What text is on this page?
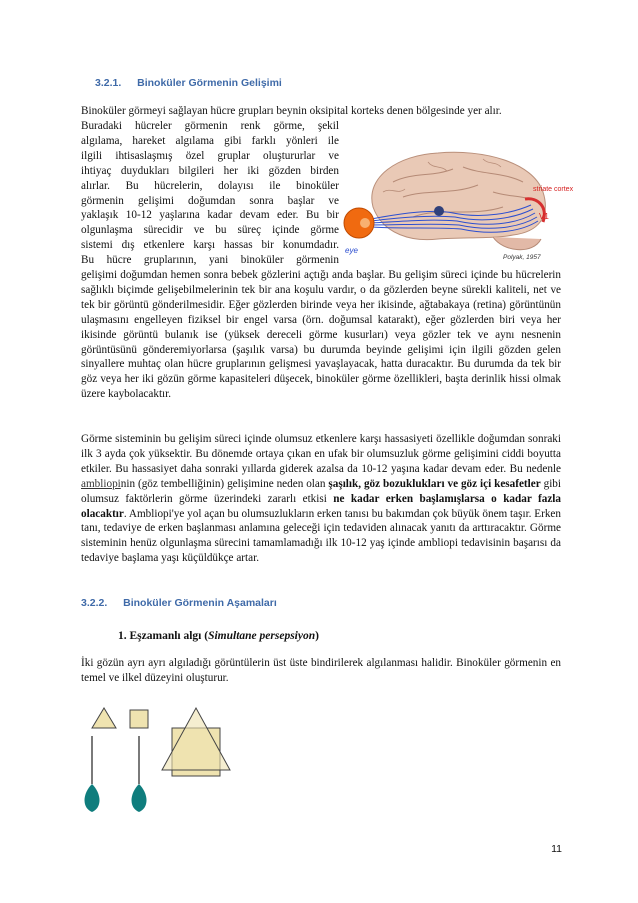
3.2.1. Binoküler Görmenin Gelişimi

Binoküler görmeyi sağlayan hücre grupları beynin oksipital korteks denen bölgesinde yer alır.

Buradaki hücreler görmenin renk görme, şekil
algılama, hareket algılama gibi farklı yönleri ile
ilgili ihtisaslaşmış özel gruplar oluştururlar ve
ihtiyaç duydukları bilgileri her iki gözden birden
alırlar. Bu hücrelerin, dolayısı ile binoküler
görmenin gelişimi doğumdan sonra başlar ve
yaklaşık 10-12 yaşlarına kadar devam eder. Bu bir
olgunlaşma sürecidir ve bu süreç içinde görme
sistemi dış etkenlere karşı hassas bir konumdadır.
Bu hücre gruplarının, yani binoküler görmenin
striate cortex
V1
eye
Polyak, 1957

gelişimi doğumdan hemen sonra bebek gözlerini açtığı anda başlar. Bu gelişim süreci içinde bu hücrelerin sağlıklı biçimde gelişebilmelerinin tek bir ana koşulu vardır, o da gözlerden beyne sürekli kaliteli, net ve tek bir görüntü gönderilmesidir. Eğer gözlerden birinde veya her ikisinde, ağtabakaya (retina) görüntünün ulaşmasını engelleyen fiziksel bir engel varsa (örn. doğumsal katarakt), eğer gözlerden biri veya her ikisinde görüntü bulanık ise (yüksek dereceli görme kusurları) veya gözler tek ve aynı nesnenin görüntüsünü gönderemiyorlarsa (şaşılık varsa) bu durumda beyinde gelişimi için ilgili gözden gelen sinyallere muhtaç olan hücre gruplarının gelişmesi yavaşlayacak, hatta duracaktır. Bu durumda da tek bir göz veya her iki gözün görme kapasiteleri düşecek, binoküler görme özellikleri, başta derinlik hissi olmak üzere kaybolacaktır.

Görme sisteminin bu gelişim süreci içinde olumsuz etkenlere karşı hassasiyeti özellikle doğumdan sonraki ilk 3 ayda çok yüksektir. Bu dönemde ortaya çıkan en ufak bir olumsuzluk görme gelişimini ciddi boyutta etkiler. Bu hassasiyet daha sonraki yıllarda giderek azalsa da 10-12 yaşına kadar devam eder. Bu nedenle ambliopinin (göz tembelliğinin) gelişimine neden olan şaşılık, göz bozuklukları ve göz içi kesafetler gibi olumsuz faktörlerin görme üzerindeki zararlı etkisi ne kadar erken başlamışlarsa o kadar fazla olacaktır. Ambliopi'ye yol açan bu olumsuzlukların erken tanısı bu bakımdan çok büyük önem taşır. Erken tanı, tedaviye de erken başlanması anlamına geleceği için tedaviden alınacak yanıtı da arttıracaktır. Görme sisteminin henüz olgunlaşma sürecini tamamlamadığı ilk 10-12 yaş içinde ambliopi tedavisinin başarısı da tedaviye başlama yaşı küçüldükçe artar.

3.2.2. Binoküler Görmenin Aşamaları
1. Eşzamanlı algı (Simultane persepsiyon)

İki gözün ayrı ayrı algıladığı görüntülerin üst üste bindirilerek algılanması halidir. Binoküler görmenin en temel ve ilkel düzeyini oluşturur.

11
